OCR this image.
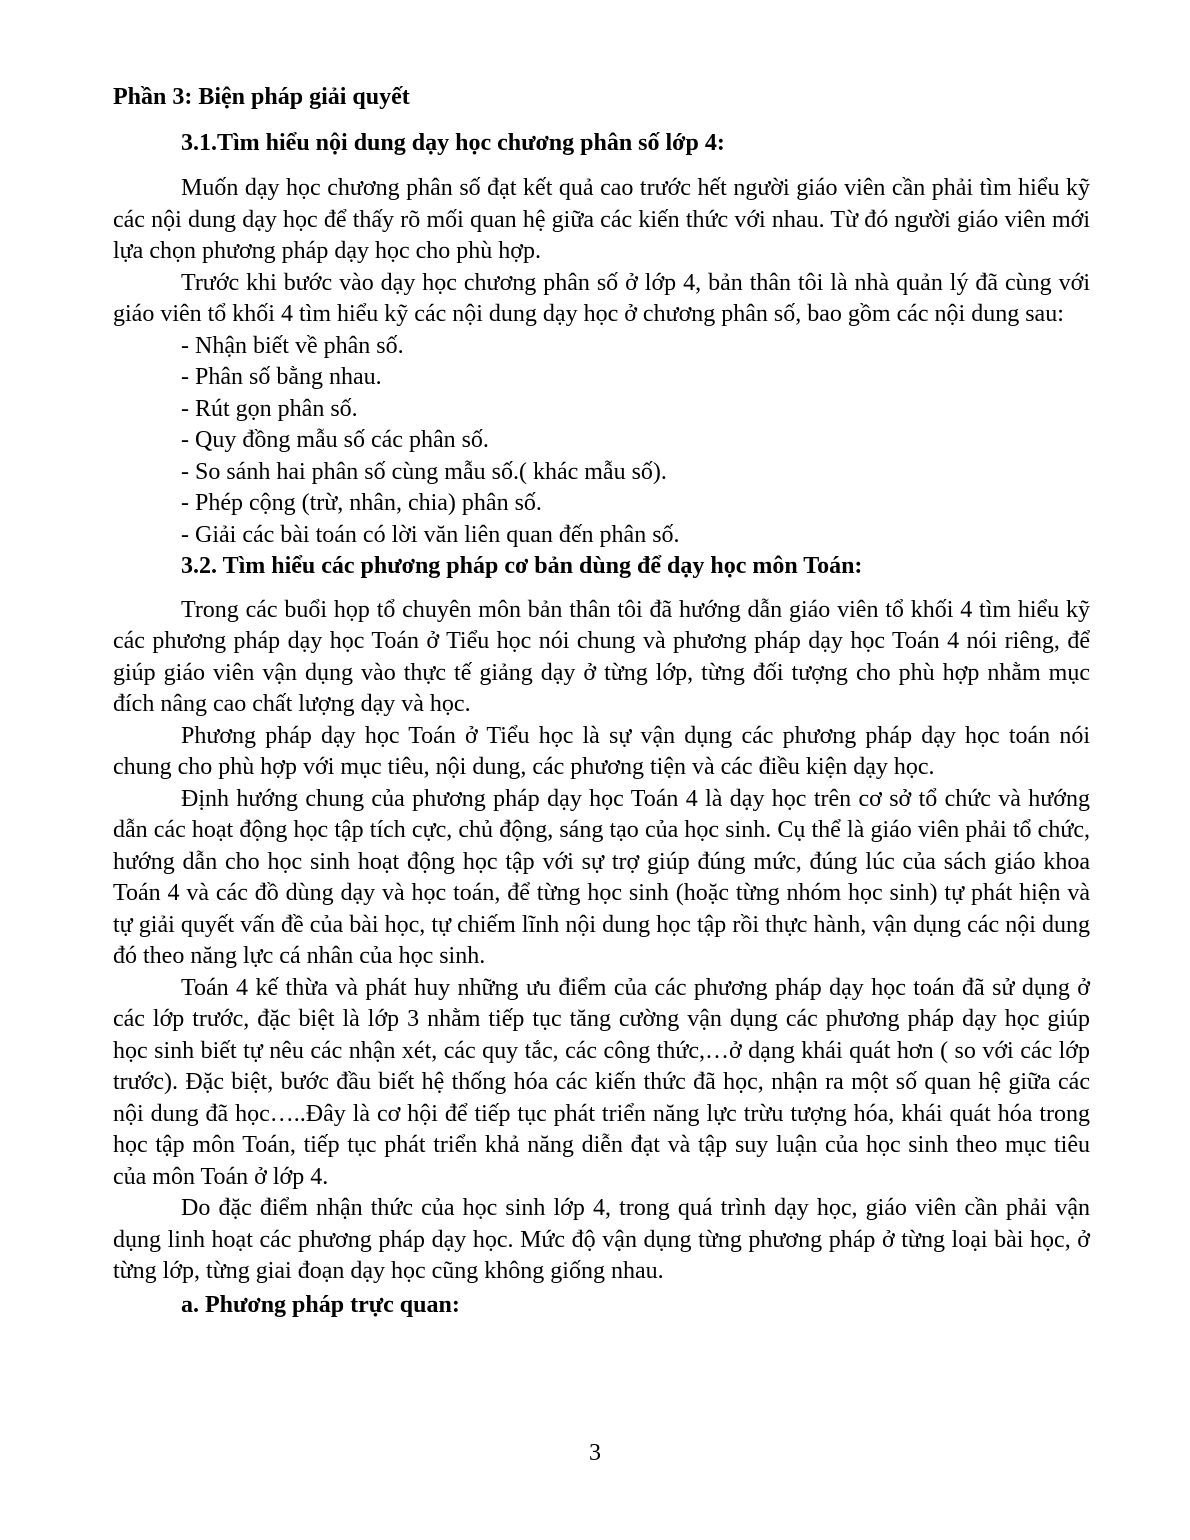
Phần 3: Biện pháp giải quyết
3.1.Tìm hiểu nội dung dạy học chương phân số lớp 4:

Muốn dạy học chương phân số đạt kết quả cao trước hết người giáo viên cần phải tìm hiểu kỹ các nội dung dạy học để thấy rõ mối quan hệ giữa các kiến thức với nhau. Từ đó người giáo viên mới lựa chọn phương pháp dạy học cho phù hợp.

Trước khi bước vào dạy học chương phân số ở lớp 4, bản thân tôi là nhà quản lý đã cùng với giáo viên tổ khối 4 tìm hiểu kỹ các nội dung dạy học ở chương phân số, bao gồm các nội dung sau:

- Nhận biết về phân số.
- Phân số bằng nhau.
- Rút gọn phân số.
- Quy đồng mẫu số các phân số.
- So sánh hai phân số cùng mẫu số.( khác mẫu số).
- Phép cộng (trừ, nhân, chia) phân số.
- Giải các bài toán có lời văn liên quan đến phân số.
3.2. Tìm hiểu các phương pháp cơ bản dùng để dạy học môn Toán:

Trong các buổi họp tổ chuyên môn bản thân tôi đã hướng dẫn giáo viên tổ khối 4 tìm hiểu kỹ các phương pháp dạy học Toán ở Tiểu học nói chung và phương pháp dạy học Toán 4 nói riêng, để giúp giáo viên vận dụng vào thực tế giảng dạy ở từng lớp, từng đối tượng cho phù hợp nhằm mục đích nâng cao chất lượng dạy và học.

Phương pháp dạy học Toán ở Tiểu học là sự vận dụng các phương pháp dạy học toán nói chung cho phù hợp với mục tiêu, nội dung, các phương tiện và các điều kiện dạy học.

Định hướng chung của phương pháp dạy học Toán 4 là dạy học trên cơ sở tổ chức và hướng dẫn các hoạt động học tập tích cực, chủ động, sáng tạo của học sinh. Cụ thể là giáo viên phải tổ chức, hướng dẫn cho học sinh hoạt động học tập với sự trợ giúp đúng mức, đúng lúc của sách giáo khoa Toán 4 và các đồ dùng dạy và học toán, để từng học sinh (hoặc từng nhóm học sinh) tự phát hiện và tự giải quyết vấn đề của bài học, tự chiếm lĩnh nội dung học tập rồi thực hành, vận dụng các nội dung đó theo năng lực cá nhân của học sinh.

Toán 4 kế thừa và phát huy những ưu điểm của các phương pháp dạy học toán đã sử dụng ở các lớp trước, đặc biệt là lớp 3 nhằm tiếp tục tăng cường vận dụng các phương pháp dạy học giúp học sinh biết tự nêu các nhận xét, các quy tắc, các công thức,…ở dạng khái quát hơn ( so với các lớp trước). Đặc biệt, bước đầu biết hệ thống hóa các kiến thức đã học, nhận ra một số quan hệ giữa các nội dung đã học…..Đây là cơ hội để tiếp tục phát triển năng lực trừu tượng hóa, khái quát hóa trong học tập môn Toán, tiếp tục phát triển khả năng diễn đạt và tập suy luận của học sinh theo mục tiêu của môn Toán ở lớp 4.

Do đặc điểm nhận thức của học sinh lớp 4, trong quá trình dạy học, giáo viên cần phải vận dụng linh hoạt các phương pháp dạy học. Mức độ vận dụng từng phương pháp ở từng loại bài học, ở từng lớp, từng giai đoạn dạy học cũng không giống nhau.

a. Phương pháp trực quan:
3
